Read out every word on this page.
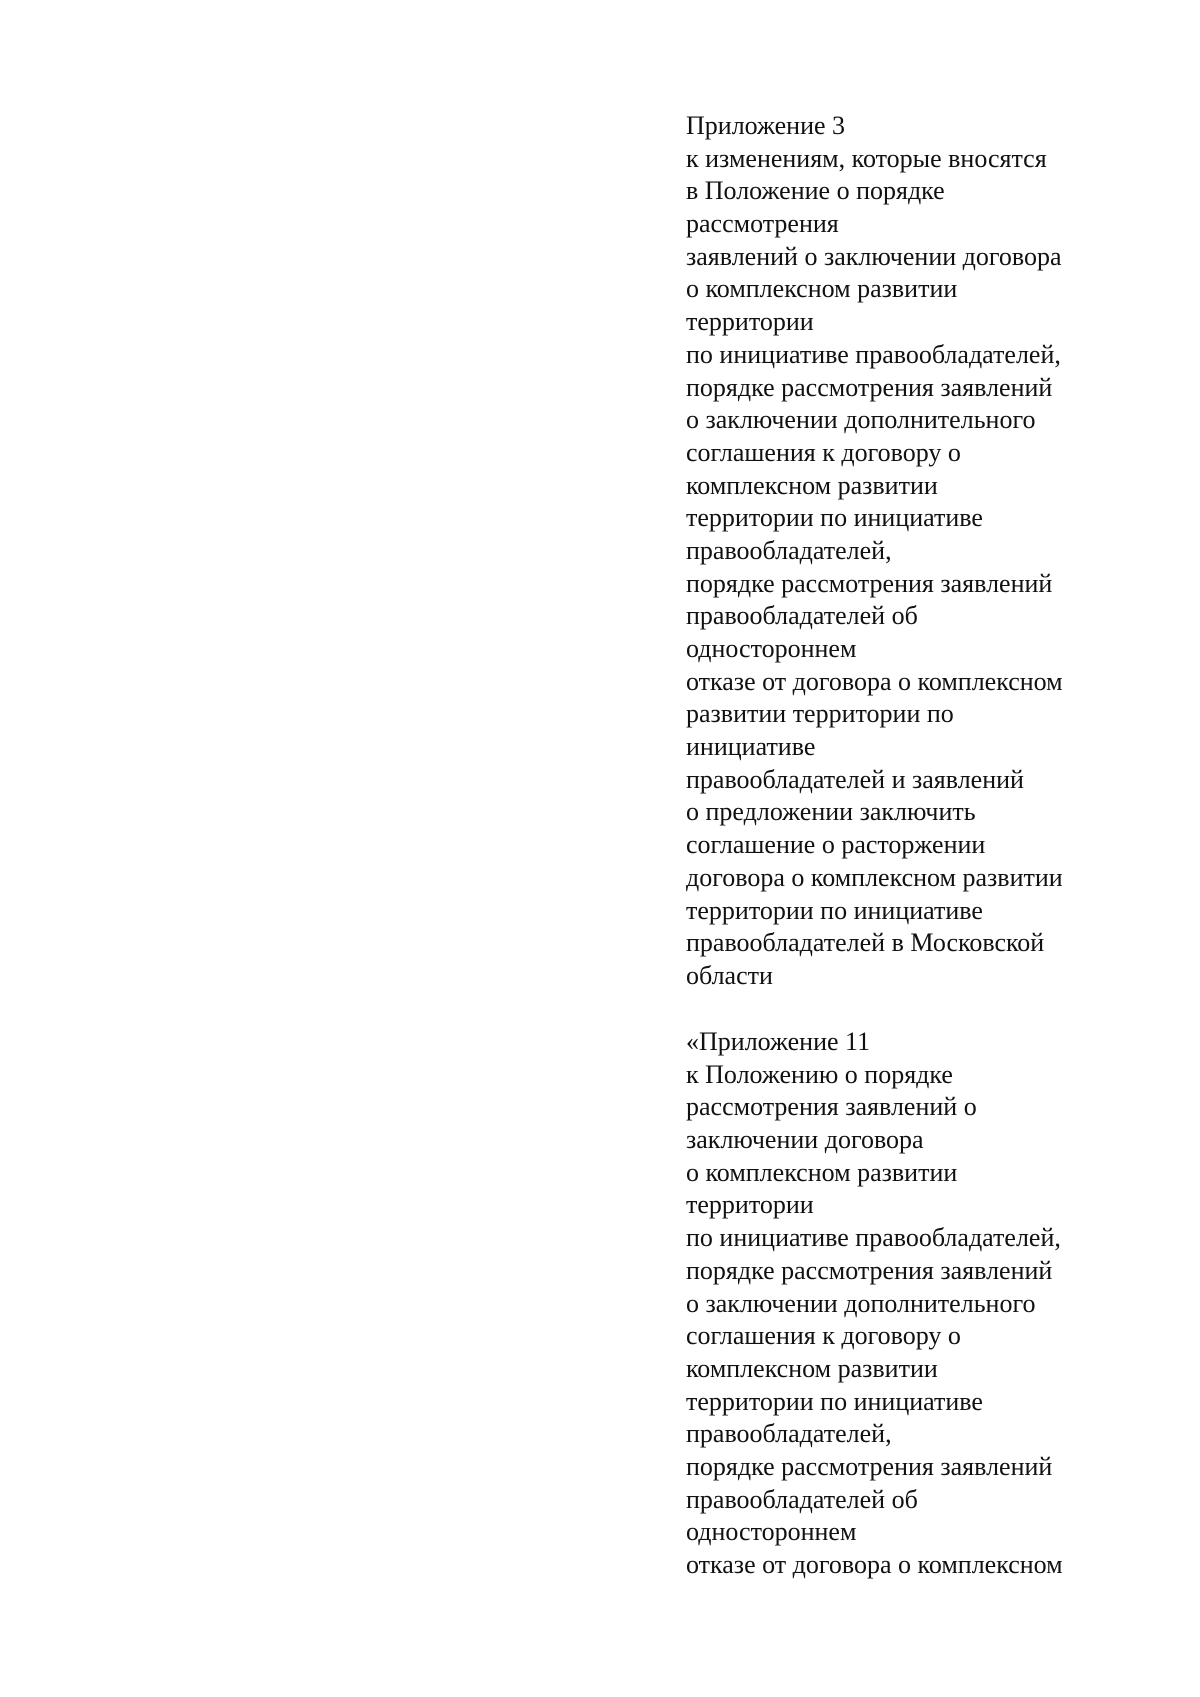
Приложение 3
к изменениям, которые вносятся
в Положение о порядке
рассмотрения
заявлений о заключении договора
о комплексном развитии
территории
по инициативе правообладателей,
порядке рассмотрения заявлений
о заключении дополнительного
соглашения к договору о
комплексном развитии
территории по инициативе
правообладателей,
порядке рассмотрения заявлений
правообладателей об
одностороннем
отказе от договора о комплексном
развитии территории по
инициативе
правообладателей и заявлений
о предложении заключить
соглашение о расторжении
договора о комплексном развитии
территории по инициативе
правообладателей в Московской
области
«Приложение 11
к Положению о порядке
рассмотрения заявлений о
заключении договора
о комплексном развитии
территории
по инициативе правообладателей,
порядке рассмотрения заявлений
о заключении дополнительного
соглашения к договору о
комплексном развитии
территории по инициативе
правообладателей,
порядке рассмотрения заявлений
правообладателей об
одностороннем
отказе от договора о комплексном
